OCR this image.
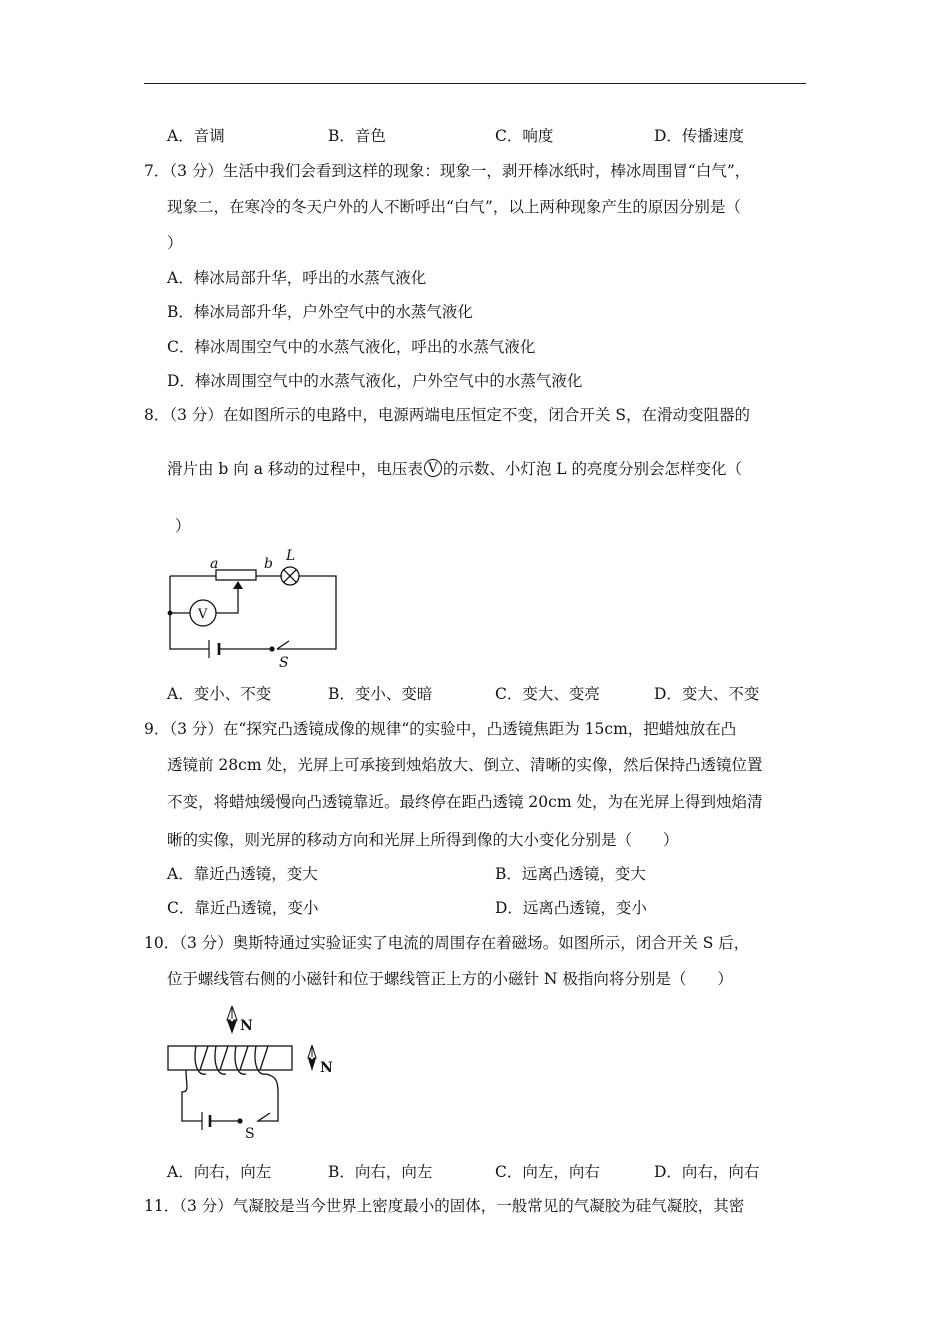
A．音调	B．音色	C．响度	D．传播速度
7．（3 分）生活中我们会看到这样的现象：现象一，剥开棒冰纸时，棒冰周围冒“白气”，
现象二，在寒冷的冬天户外的人不断呼出“白气”，以上两种现象产生的原因分别是（
）
A．棒冰局部升华，呼出的水蒸气液化
B．棒冰局部升华，户外空气中的水蒸气液化
C．棒冰周围空气中的水蒸气液化，呼出的水蒸气液化
D．棒冰周围空气中的水蒸气液化，户外空气中的水蒸气液化
8．（3 分）在如图所示的电路中，电源两端电压恒定不变，闭合开关 S，在滑动变阻器的
滑片由 b 向 a 移动的过程中，电压表 V 的示数、小灯泡 L 的亮度分别会怎样变化（
）
a	b L
V
S
A．变小、不变	B．变小、变暗	C．变大、变亮	D．变大、不变
9．（3 分）在“探究凸透镜成像的规律“的实验中，凸透镜焦距为 15cm，把蜡烛放在凸
透镜前 28cm 处，光屏上可承接到烛焰放大、倒立、清晰的实像，然后保持凸透镜位置
不变，将蜡烛缓慢向凸透镜靠近。最终停在距凸透镜 20cm 处，为在光屏上得到烛焰清
晰的实像，则光屏的移动方向和光屏上所得到像的大小变化分别是（　　）
A．靠近凸透镜，变大	B．远离凸透镜，变大
C．靠近凸透镜，变小	D．远离凸透镜，变小
10．（3 分）奥斯特通过实验证实了电流的周围存在着磁场。如图所示，闭合开关 S 后，
位于螺线管右侧的小磁针和位于螺线管正上方的小磁针 N 极指向将分别是（　　）
N
N
S
A．向右，向左	B．向右，向左	C．向左，向右	D．向右，向右
11．（3 分）气凝胶是当今世界上密度最小的固体，一般常见的气凝胶为硅气凝胶，其密
